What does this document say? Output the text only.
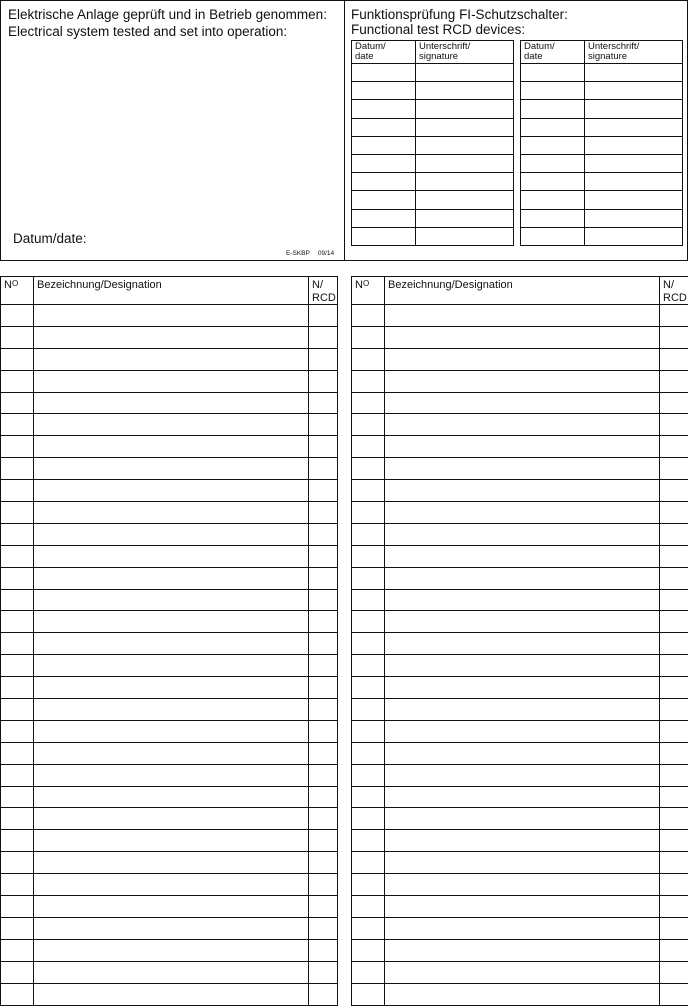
Elektrische Anlage geprüft und in Betrieb genommen:
Electrical system tested and set into operation:
Datum/date:
E-SKBP 09/14
Funktionsprüfung FI-Schutzschalter:
Functional test RCD devices:
Datum/
date	Unterschrift/
signature

Datum/
date	Unterschrift/
signature

$N^O$	Bezeichnung/Designation	N/
RCD

$N^O$	Bezeichnung/Designation	N/
RCD
